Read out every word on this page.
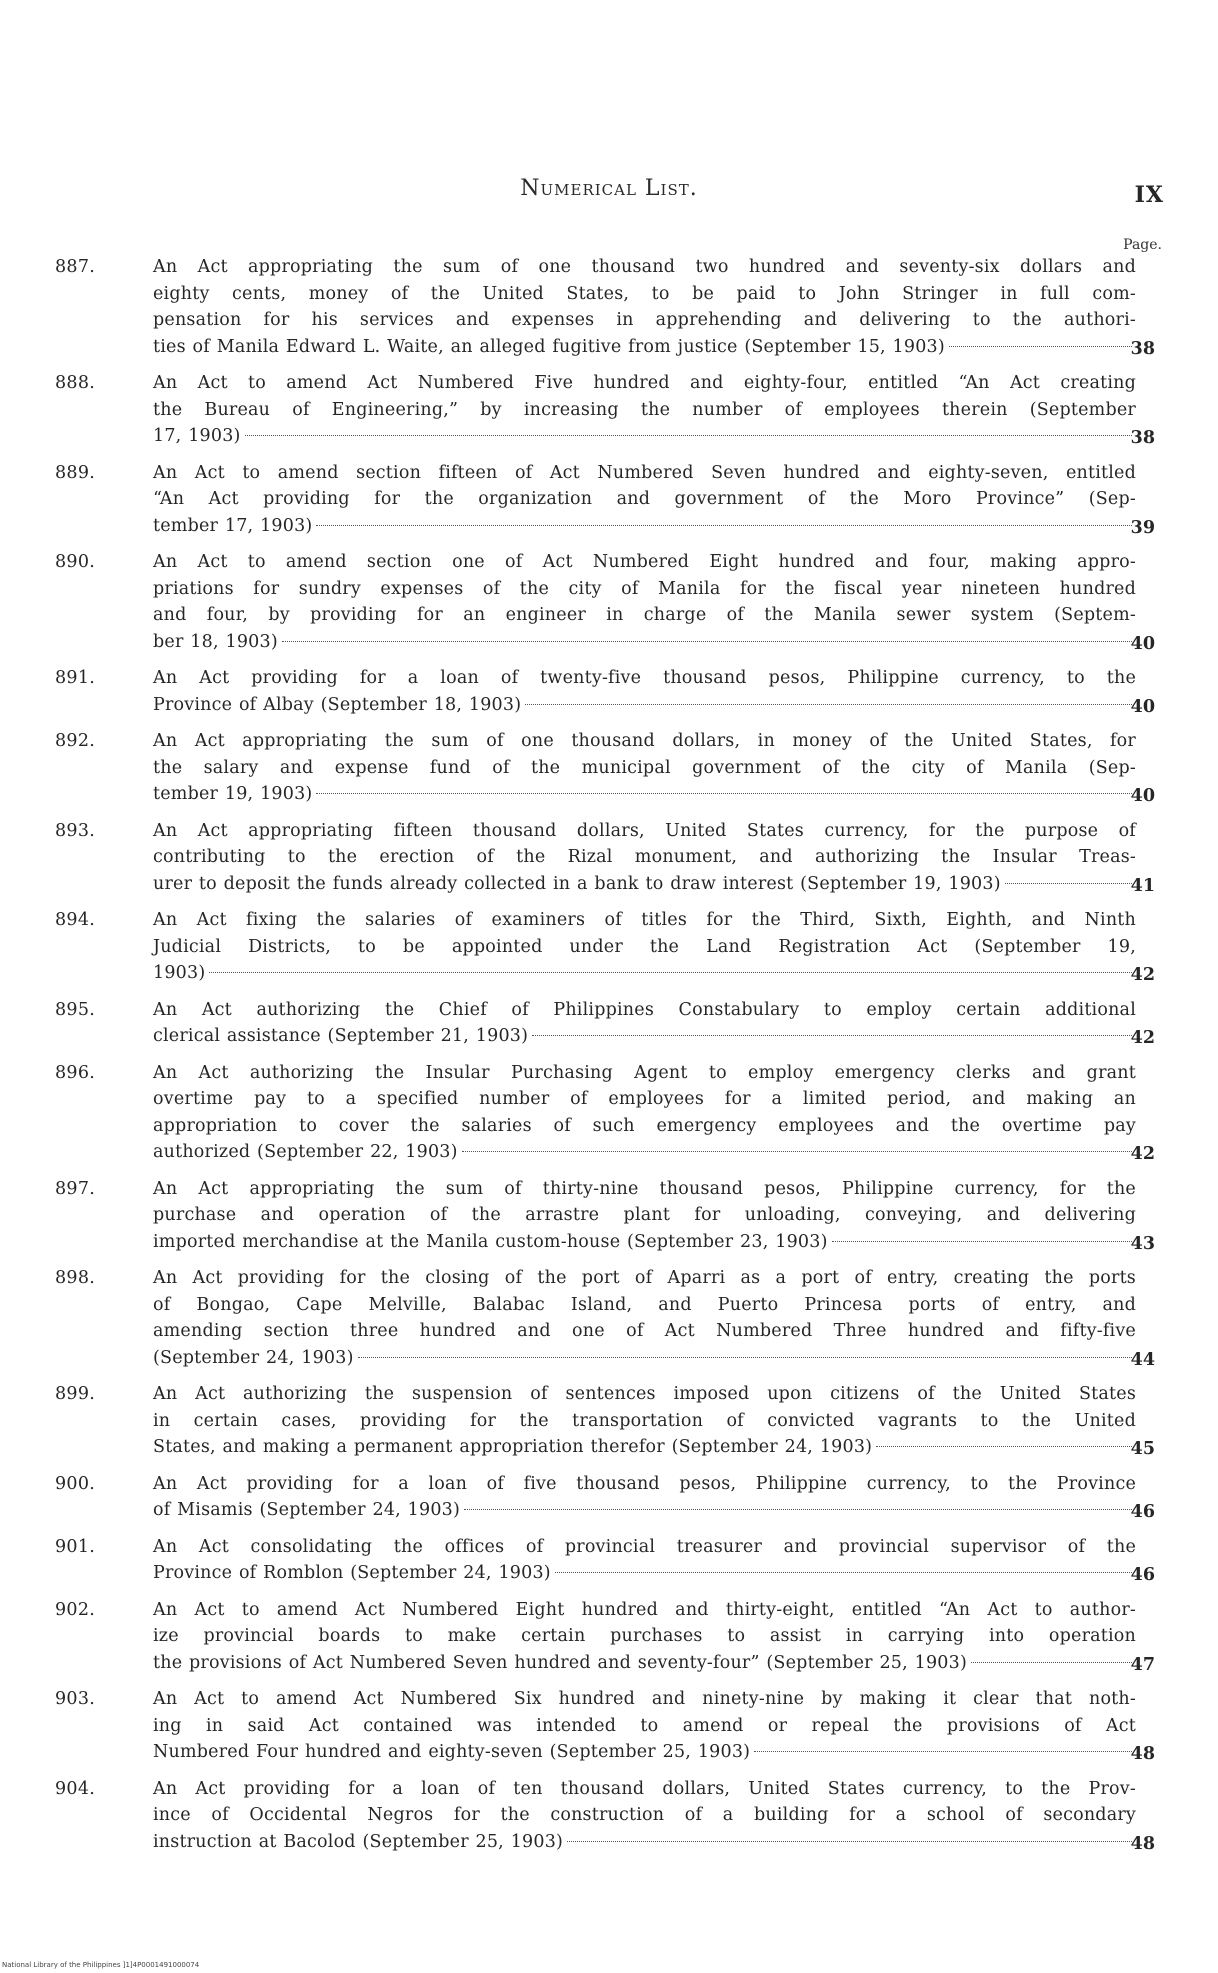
Numerical List.	IX
Page.
887.	An Act appropriating the sum of one thousand two hundred and seventy-six dollars and
eighty cents, money of the United States, to be paid to John Stringer in full com-
pensation for his services and expenses in apprehending and delivering to the authori-
ties of Manila Edward L. Waite, an alleged fugitive from justice (September 15, 1903)	38
888.	An Act to amend Act Numbered Five hundred and eighty-four, entitled “An Act creating
the Bureau of Engineering,” by increasing the number of employees therein (September
17, 1903)	38
889.	An Act to amend section fifteen of Act Numbered Seven hundred and eighty-seven, entitled
“An Act providing for the organization and government of the Moro Province” (Sep-
tember 17, 1903)	39
890.	An Act to amend section one of Act Numbered Eight hundred and four, making appro-
priations for sundry expenses of the city of Manila for the fiscal year nineteen hundred
and four, by providing for an engineer in charge of the Manila sewer system (Septem-
ber 18, 1903)	40
891.	An Act providing for a loan of twenty-five thousand pesos, Philippine currency, to the
Province of Albay (September 18, 1903)	40
892.	An Act appropriating the sum of one thousand dollars, in money of the United States, for
the salary and expense fund of the municipal government of the city of Manila (Sep-
tember 19, 1903)	40
893.	An Act appropriating fifteen thousand dollars, United States currency, for the purpose of
contributing to the erection of the Rizal monument, and authorizing the Insular Treas-
urer to deposit the funds already collected in a bank to draw interest (September 19, 1903)	41
894.	An Act fixing the salaries of examiners of titles for the Third, Sixth, Eighth, and Ninth
Judicial Districts, to be appointed under the Land Registration Act (September 19,
1903)	42
895.	An Act authorizing the Chief of Philippines Constabulary to employ certain additional
clerical assistance (September 21, 1903)	42
896.	An Act authorizing the Insular Purchasing Agent to employ emergency clerks and grant
overtime pay to a specified number of employees for a limited period, and making an
appropriation to cover the salaries of such emergency employees and the overtime pay
authorized (September 22, 1903)	42
897.	An Act appropriating the sum of thirty-nine thousand pesos, Philippine currency, for the
purchase and operation of the arrastre plant for unloading, conveying, and delivering
imported merchandise at the Manila custom-house (September 23, 1903)	43
898.	An Act providing for the closing of the port of Aparri as a port of entry, creating the ports
of Bongao, Cape Melville, Balabac Island, and Puerto Princesa ports of entry, and
amending section three hundred and one of Act Numbered Three hundred and fifty-five
(September 24, 1903)	44
899.	An Act authorizing the suspension of sentences imposed upon citizens of the United States
in certain cases, providing for the transportation of convicted vagrants to the United
States, and making a permanent appropriation therefor (September 24, 1903)	45
900.	An Act providing for a loan of five thousand pesos, Philippine currency, to the Province
of Misamis (September 24, 1903)	46
901.	An Act consolidating the offices of provincial treasurer and provincial supervisor of the
Province of Romblon (September 24, 1903)	46
902.	An Act to amend Act Numbered Eight hundred and thirty-eight, entitled “An Act to author-
ize provincial boards to make certain purchases to assist in carrying into operation
the provisions of Act Numbered Seven hundred and seventy-four” (September 25, 1903)	47
903.	An Act to amend Act Numbered Six hundred and ninety-nine by making it clear that noth-
ing in said Act contained was intended to amend or repeal the provisions of Act
Numbered Four hundred and eighty-seven (September 25, 1903)	48
904.	An Act providing for a loan of ten thousand dollars, United States currency, to the Prov-
ince of Occidental Negros for the construction of a building for a school of secondary
instruction at Bacolod (September 25, 1903)	48
National Library of the Philippines ]1]4P0001491000074
